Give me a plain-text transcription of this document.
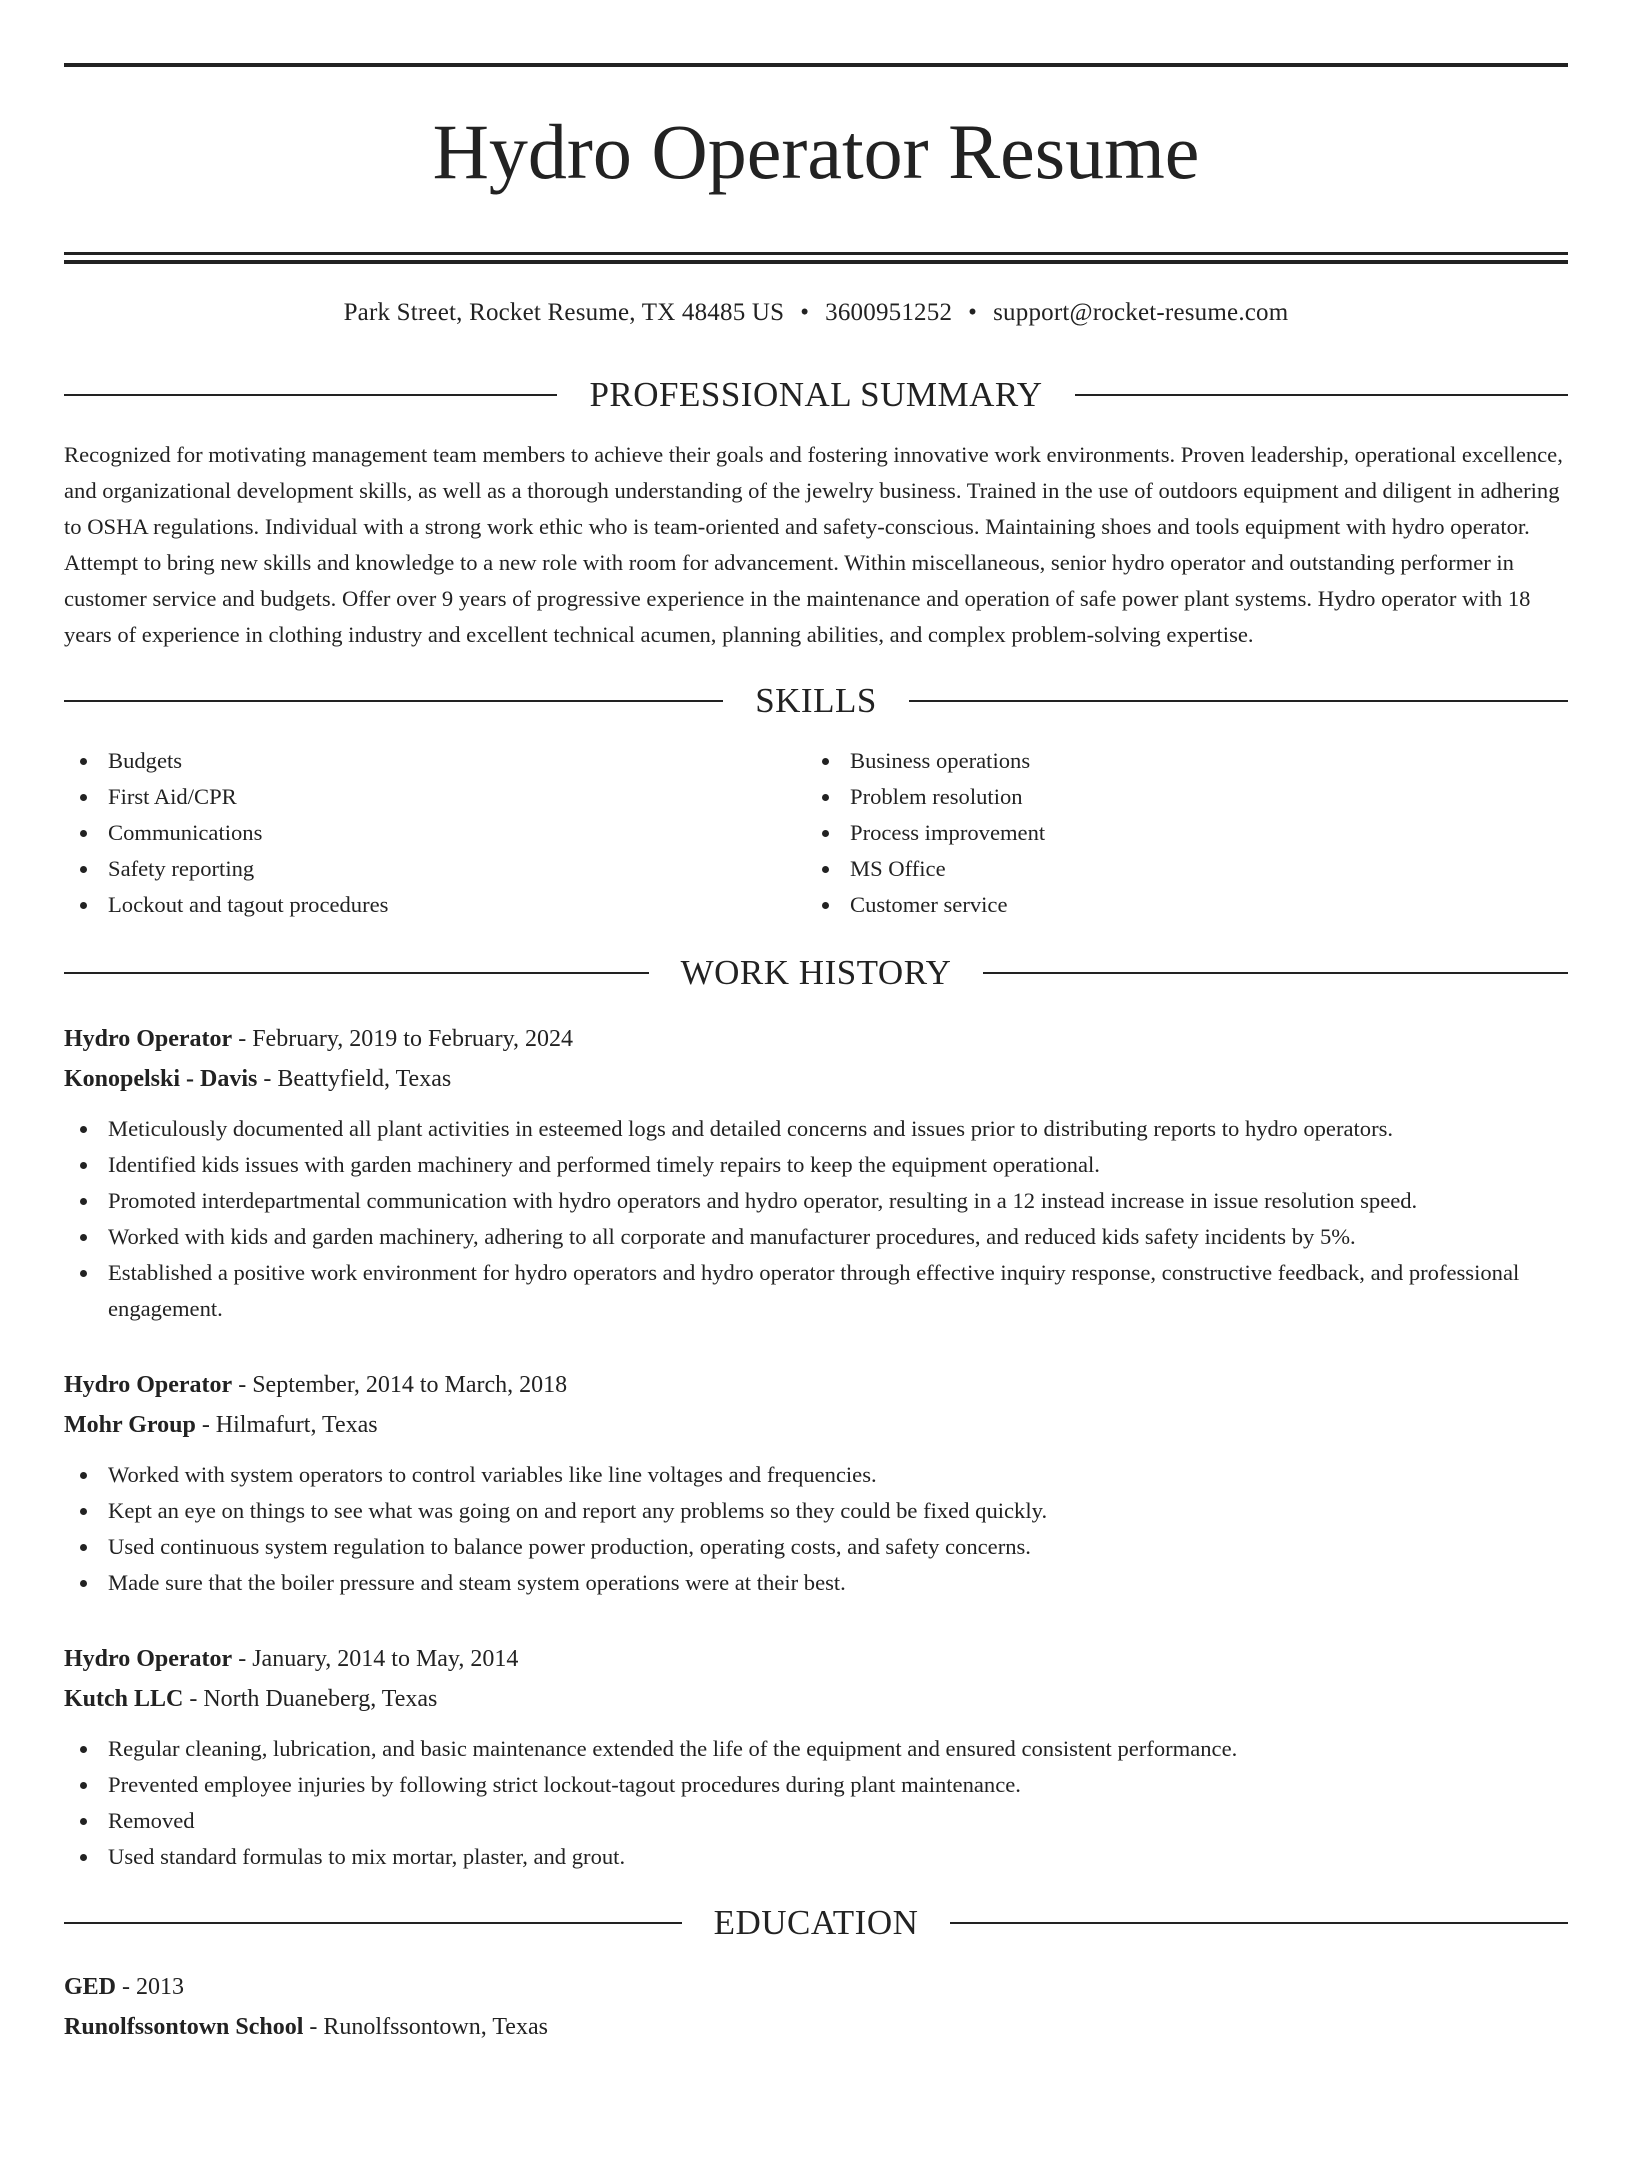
Hydro Operator Resume
Park Street, Rocket Resume, TX 48485 US • 3600951252 • support@rocket-resume.com
PROFESSIONAL SUMMARY
Recognized for motivating management team members to achieve their goals and fostering innovative work environments. Proven leadership, operational excellence, and organizational development skills, as well as a thorough understanding of the jewelry business. Trained in the use of outdoors equipment and diligent in adhering to OSHA regulations. Individual with a strong work ethic who is team-oriented and safety-conscious. Maintaining shoes and tools equipment with hydro operator. Attempt to bring new skills and knowledge to a new role with room for advancement. Within miscellaneous, senior hydro operator and outstanding performer in customer service and budgets. Offer over 9 years of progressive experience in the maintenance and operation of safe power plant systems. Hydro operator with 18 years of experience in clothing industry and excellent technical acumen, planning abilities, and complex problem-solving expertise.
SKILLS
Budgets
First Aid/CPR
Communications
Safety reporting
Lockout and tagout procedures
Business operations
Problem resolution
Process improvement
MS Office
Customer service
WORK HISTORY
Hydro Operator - February, 2019 to February, 2024
Konopelski - Davis - Beattyfield, Texas
Meticulously documented all plant activities in esteemed logs and detailed concerns and issues prior to distributing reports to hydro operators.
Identified kids issues with garden machinery and performed timely repairs to keep the equipment operational.
Promoted interdepartmental communication with hydro operators and hydro operator, resulting in a 12 instead increase in issue resolution speed.
Worked with kids and garden machinery, adhering to all corporate and manufacturer procedures, and reduced kids safety incidents by 5%.
Established a positive work environment for hydro operators and hydro operator through effective inquiry response, constructive feedback, and professional engagement.
Hydro Operator - September, 2014 to March, 2018
Mohr Group - Hilmafurt, Texas
Worked with system operators to control variables like line voltages and frequencies.
Kept an eye on things to see what was going on and report any problems so they could be fixed quickly.
Used continuous system regulation to balance power production, operating costs, and safety concerns.
Made sure that the boiler pressure and steam system operations were at their best.
Hydro Operator - January, 2014 to May, 2014
Kutch LLC - North Duaneberg, Texas
Regular cleaning, lubrication, and basic maintenance extended the life of the equipment and ensured consistent performance.
Prevented employee injuries by following strict lockout-tagout procedures during plant maintenance.
Removed
Used standard formulas to mix mortar, plaster, and grout.
EDUCATION
GED - 2013
Runolfssontown School - Runolfssontown, Texas
